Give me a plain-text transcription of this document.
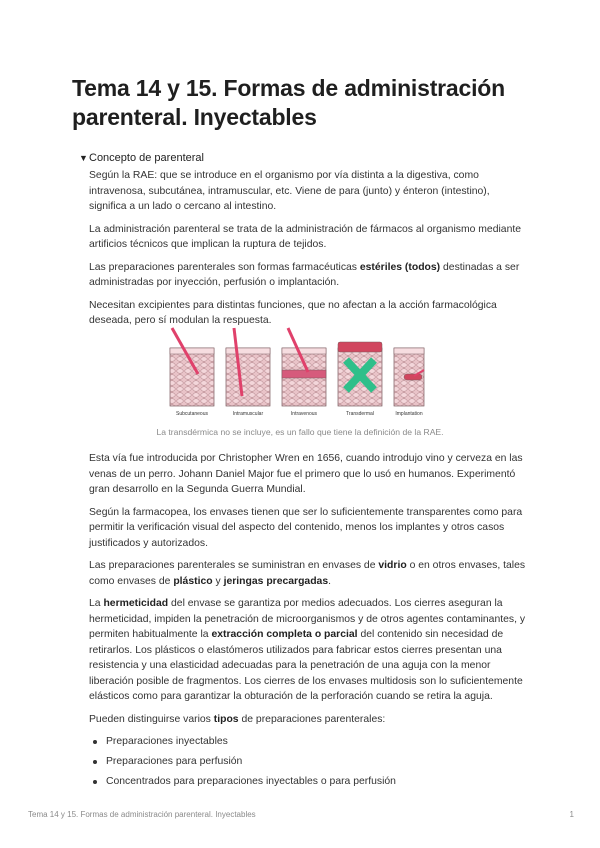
Tema 14 y 15. Formas de administración parenteral. Inyectables
▼Concepto de parenteral

Según la RAE: que se introduce en el organismo por vía distinta a la digestiva, como intravenosa, subcutánea, intramuscular, etc. Viene de para (junto) y énteron (intestino), significa a un lado o cercano al intestino.

La administración parenteral se trata de la administración de fármacos al organismo mediante artificios técnicos que implican la ruptura de tejidos.

Las preparaciones parenterales son formas farmacéuticas estériles (todos) destinadas a ser administradas por inyección, perfusión o implantación.

Necesitan excipientes para distintas funciones, que no afectan a la acción farmacológica deseada, pero sí modulan la respuesta.

Subcutaneous	Intramuscular	Intravenous	Transdermal	Implantation
La transdérmica no se incluye, es un fallo que tiene la definición de la RAE.

Esta vía fue introducida por Christopher Wren en 1656, cuando introdujo vino y cerveza en las venas de un perro. Johann Daniel Major fue el primero que lo usó en humanos. Experimentó gran desarrollo en la Segunda Guerra Mundial.

Según la farmacopea, los envases tienen que ser lo suficientemente transparentes como para permitir la verificación visual del aspecto del contenido, menos los implantes y otros casos justificados y autorizados.

Las preparaciones parenterales se suministran en envases de vidrio o en otros envases, tales como envases de plástico y jeringas precargadas.

La hermeticidad del envase se garantiza por medios adecuados. Los cierres aseguran la hermeticidad, impiden la penetración de microorganismos y de otros agentes contaminantes, y permiten habitualmente la extracción completa o parcial del contenido sin necesidad de retirarlos. Los plásticos o elastómeros utilizados para fabricar estos cierres presentan una resistencia y una elasticidad adecuadas para la penetración de una aguja con la menor liberación posible de fragmentos. Los cierres de los envases multidosis son lo suficientemente elásticos como para garantizar la obturación de la perforación cuando se retira la aguja.

Pueden distinguirse varios tipos de preparaciones parenterales:

Preparaciones inyectables
Preparaciones para perfusión
Concentrados para preparaciones inyectables o para perfusión
Tema 14 y 15. Formas de administración parenteral. Inyectables	1
